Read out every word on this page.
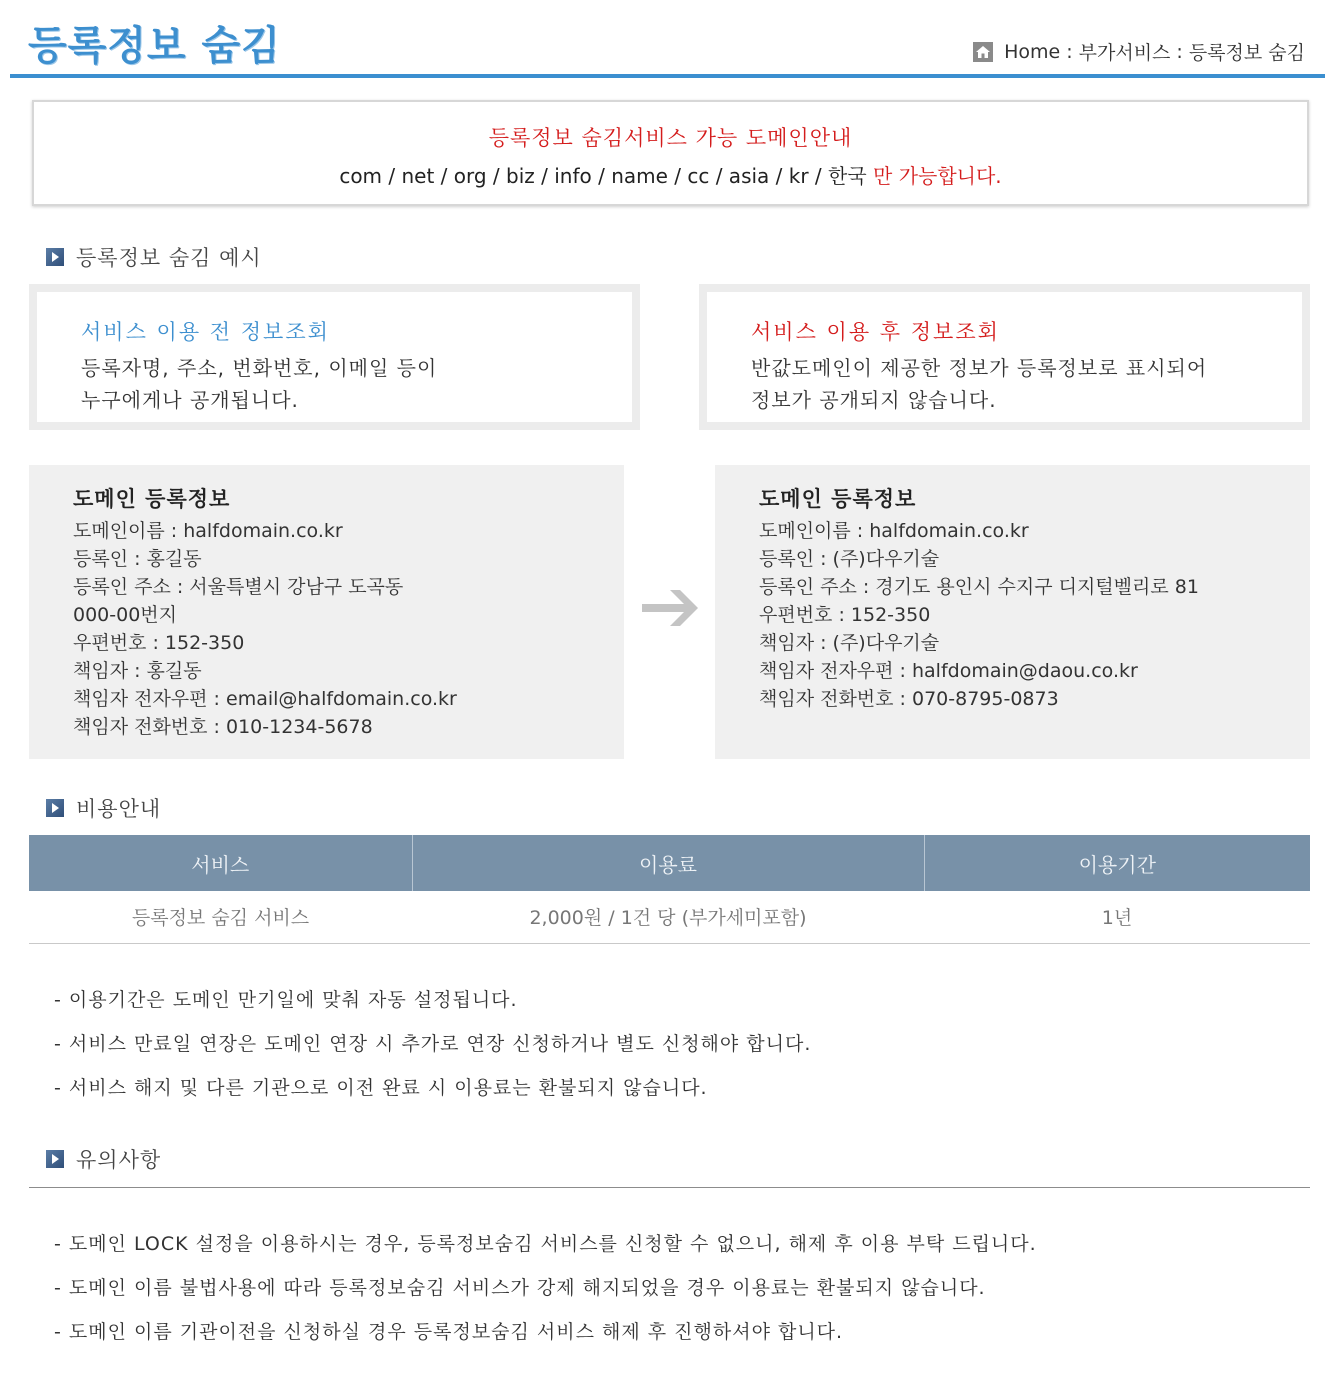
등록정보 숨김	Home : 부가서비스 : 등록정보 숨김
등록정보 숨김서비스 가능 도메인안내
com / net / org / biz / info / name / cc / asia / kr / 한국 만 가능합니다.
등록정보 숨김 예시
서비스 이용 전 정보조회
등록자명, 주소, 번화번호, 이메일 등이
누구에게나 공개됩니다.
서비스 이용 후 정보조회
반값도메인이 제공한 정보가 등록정보로 표시되어
정보가 공개되지 않습니다.
도메인 등록정보
도메인이름 : halfdomain.co.kr
등록인 : 홍길동
등록인 주소 : 서울특별시 강남구 도곡동
000-00번지
우편번호 : 152-350
책임자 : 홍길동
책임자 전자우편 : email@halfdomain.co.kr
책임자 전화번호 : 010-1234-5678
도메인 등록정보
도메인이름 : halfdomain.co.kr
등록인 : (주)다우기술
등록인 주소 : 경기도 용인시 수지구 디지털벨리로 81
우편번호 : 152-350
책임자 : (주)다우기술
책임자 전자우편 : halfdomain@daou.co.kr
책임자 전화번호 : 070-8795-0873
비용안내
서비스	이용료	이용기간
등록정보 숨김 서비스	2,000원 / 1건 당 (부가세미포함)	1년
- 이용기간은 도메인 만기일에 맞춰 자동 설정됩니다.
- 서비스 만료일 연장은 도메인 연장 시 추가로 연장 신청하거나 별도 신청해야 합니다.
- 서비스 해지 및 다른 기관으로 이전 완료 시 이용료는 환불되지 않습니다.
유의사항
- 도메인 LOCK 설정을 이용하시는 경우, 등록정보숨김 서비스를 신청할 수 없으니, 해제 후 이용 부탁 드립니다.
- 도메인 이름 불법사용에 따라 등록정보숨김 서비스가 강제 해지되었을 경우 이용료는 환불되지 않습니다.
- 도메인 이름 기관이전을 신청하실 경우 등록정보숨김 서비스 해제 후 진행하셔야 합니다.
